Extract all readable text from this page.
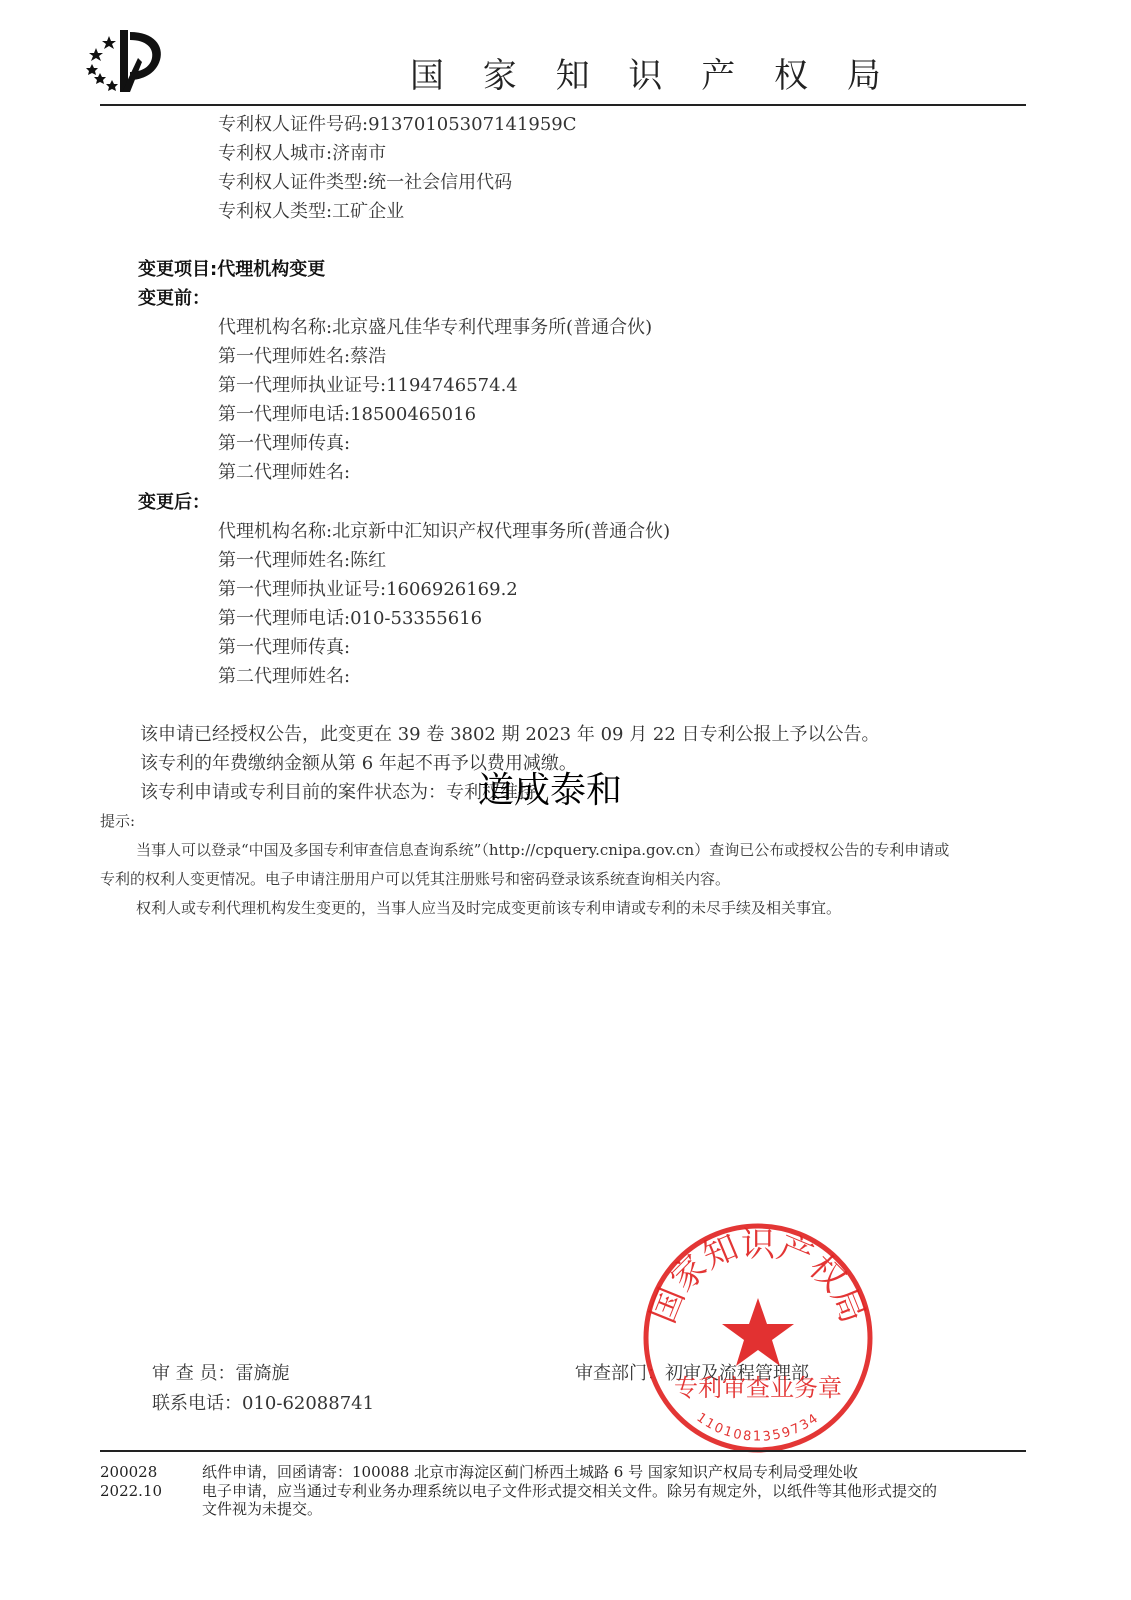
国 家 知 识 产 权 局
专利权人证件号码:91370105307141959C
专利权人城市:济南市
专利权人证件类型:统一社会信用代码
专利权人类型:工矿企业
变更项目:代理机构变更
变更前：
代理机构名称:北京盛凡佳华专利代理事务所(普通合伙)
第一代理师姓名:蔡浩
第一代理师执业证号:1194746574.4
第一代理师电话:18500465016
第一代理师传真:
第二代理师姓名:
变更后：
代理机构名称:北京新中汇知识产权代理事务所(普通合伙)
第一代理师姓名:陈红
第一代理师执业证号:1606926169.2
第一代理师电话:010-53355616
第一代理师传真:
第二代理师姓名:
该申请已经授权公告，此变更在 39 卷 3802 期 2023 年 09 月 22 日专利公报上予以公告。
该专利的年费缴纳金额从第 6 年起不再予以费用减缴。
该专利申请或专利目前的案件状态为：专利权维持
道成泰和
提示:
当事人可以登录“中国及多国专利审查信息查询系统”（http://cpquery.cnipa.gov.cn）查询已公布或授权公告的专利申请或
专利的权利人变更情况。电子申请注册用户可以凭其注册账号和密码登录该系统查询相关内容。
权利人或专利代理机构发生变更的，当事人应当及时完成变更前该专利申请或专利的未尽手续及相关事宜。
审 查 员：雷旖旎
联系电话：010-62088741
审查部门：初审及流程管理部
国家知识产权局
专利审查业务章
1101081359734
200028
2022.10
纸件申请，回函请寄：100088 北京市海淀区蓟门桥西土城路 6 号 国家知识产权局专利局受理处收
电子申请，应当通过专利业务办理系统以电子文件形式提交相关文件。除另有规定外，以纸件等其他形式提交的
文件视为未提交。
